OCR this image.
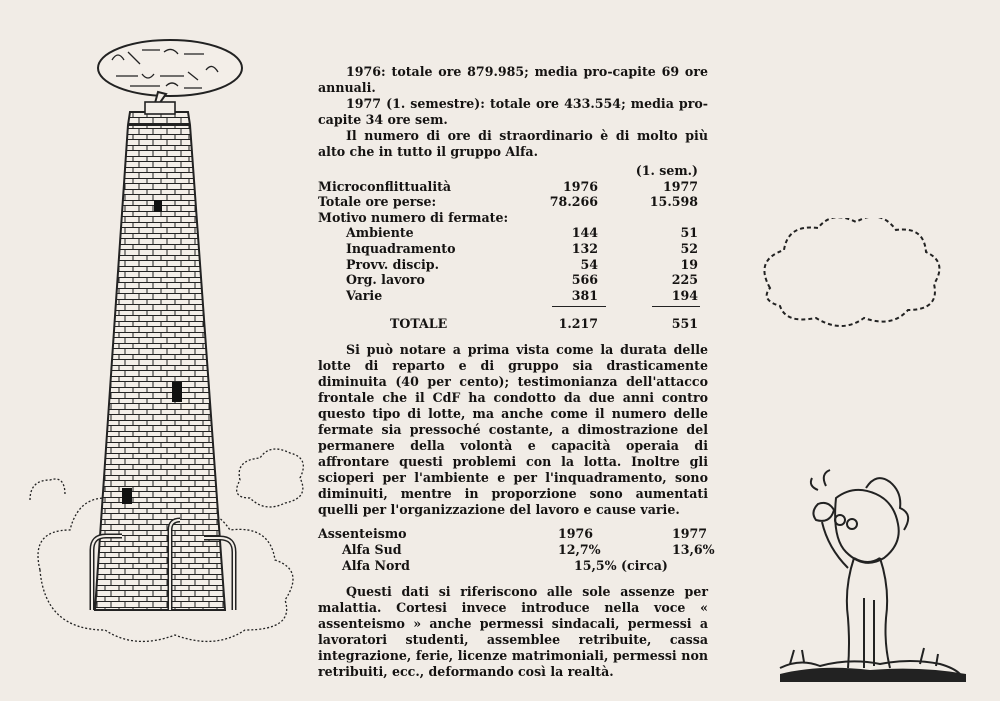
1976: totale ore 879.985; media pro-capite 69 ore annuali.

1977 (1. semestre): totale ore 433.554; media pro-capite 34 ore sem.

Il numero di ore di straordinario è di molto più alto che in tutto il gruppo Alfa.

(1. sem.)
Microconflittualità	1976	1977
Totale ore perse:	78.266	15.598
Motivo numero di fermate:
Ambiente	144	51
Inquadramento	132	52
Provv. discip.	54	19
Org. lavoro	566	225
Varie	381	194
TOTALE	1.217	551

Si può notare a prima vista come la durata delle lotte di reparto e di gruppo sia drasticamente diminuita (40 per cento); testimonianza dell'attacco frontale che il CdF ha condotto da due anni contro questo tipo di lotte, ma anche come il numero delle fermate sia pressoché costante, a dimostrazione del permanere della volontà e capacità operaia di affrontare questi problemi con la lotta. Inoltre gli scioperi per l'ambiente e per l'inquadramento, sono diminuiti, mentre in proporzione sono aumentati quelli per l'organizzazione del lavoro e cause varie.

Assenteismo	1976	1977
Alfa Sud	12,7%	13,6%
Alfa Nord	15,5% (circa)

Questi dati si riferiscono alle sole assenze per malattia. Cortesi invece introduce nella voce « assenteismo » anche permessi sindacali, permessi a lavoratori studenti, assemblee retribuite, cassa integrazione, ferie, licenze matrimoniali, permessi non retribuiti, ecc., deformando così la realtà.
